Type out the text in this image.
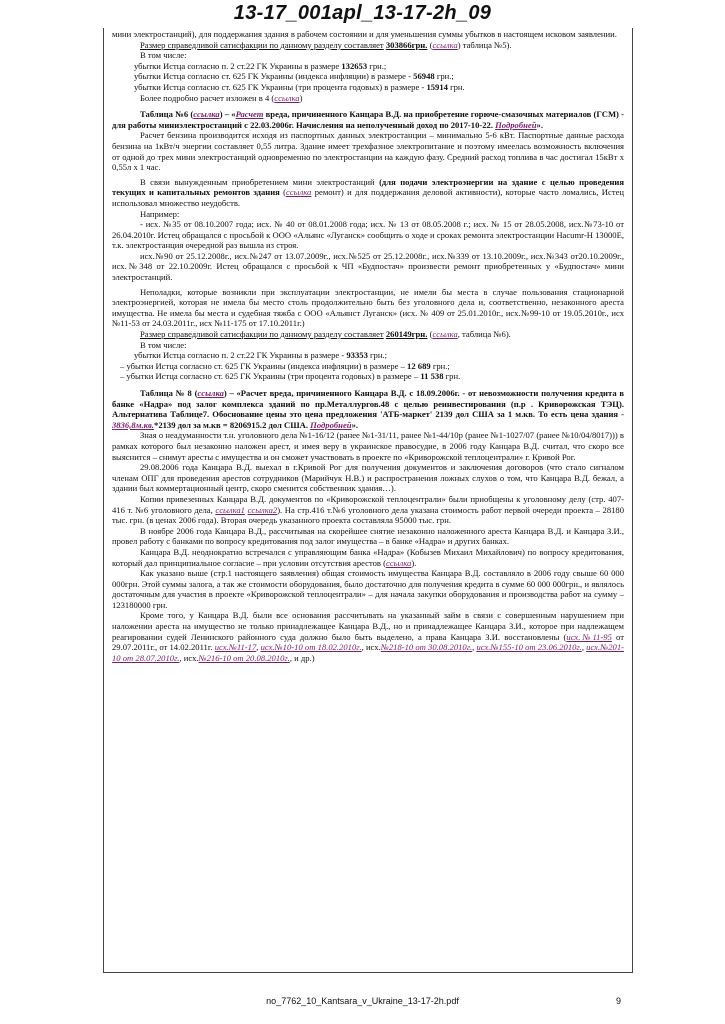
13-17_001apl_13-17-2h_09

мини электростанций), для поддержания здания в рабочем состоянии и для уменьшения суммы убытков в настоящем исковом заявлении.

Размер справедливой сатисфакции по данному разделу составляет 303866грн. (ссылка) таблица №5).

В том числе:

убытки Истца согласно п. 2 ст.22 ГК Украины в размере 132653 грн.;

убытки Истца согласно ст. 625 ГК Украины (индекса инфляции) в размере - 56948 грн.;

убытки Истца согласно ст. 625 ГК Украины (три процента годовых) в размере - 15914 грн.

Более подробно расчет изложен в 4 (ссылка)

Таблица №6 (ссылка) – «Расчет вреда, причиненного Канцара В.Д. на приобретение горюче-смазочных материалов (ГСМ) - для работы миниэлектростанций с 22.03.2006г. Начисления на неполученный доход по 2017-10-22. Подробней».

Расчет бензина производится исходя из паспортных данных электростанции – минимально 5-6 кВт. Паспортные данные расхода бензина на 1кВт/ч энергии составляет 0,55 литра. Здание имеет трехфазное электропитание и поэтому имеелась возможность включения от одной до трех мини электростанций одновременно по электростанции на каждую фазу. Средний расход топлива в час достигал 15кВт х 0,55л х 1 час.

В связи вынужденным приобретением мини электростанций (для подачи электроэнергии на здание с целью проведения текущих и капитальных ремонтов здания (ссылка ремонт) и для поддержания деловой активности), которые часто ломались, Истец использовал множество неудобств.

Например:

- исх. №35 от 08.10.2007 года; исх. № 40 от 08.01.2008 года; исх. № 13 от 08.05.2008 г.; исх. № 15 от 28.05.2008, исх.№73-10 от 26.04.2010г. Истец обращался с просьбой к ООО «Альянс «Луганск» сообщить о ходе и сроках ремонта электростанции Hacumr-H 13000E, т.к. электростанция очередной раз вышла из строя.

исх.№90 от 25.12.2008г., исх.№247 от 13.07.2009г., исх.№525 от 25.12.2008г., исх.№339 от 13.10.2009г., исх.№343 от20.10.2009г., исх.№348 от 22.10.2009г. Истец обращался с просьбой к ЧП «Будпостач» произвести ремонт приобретенных у «Будпостач» мини электростанций.

Неполадки, которые возникли при эксплуатации электростанции, не имели бы места в случае пользования стационарной электроэнергией, которая не имела бы место столь продолжительно быть без уголовного дела и, соответственно, незаконного ареста имущества. Не имела бы места и судебная тяжба с ООО «Альянст Луганск» (исх. № 409 от 25.01.2010г., исх.№99-10 от 19.05.2010г., исх №11-53 от 24.03.2011г., исх №11-175 от 17.10.2011г.)

Размер справедливой сатисфакции по данному разделу составляет 260149грн. (ссылка, таблица №6).

В том числе:

убытки Истца согласно п. 2 ст.22 ГК Украины в размере - 93353 грн.;

– убытки Истца согласно ст. 625 ГК Украины (индекса инфляции) в размере – 12 689 грн.;

– убытки Истца согласно ст. 625 ГК Украины (три процента годовых) в размере – 11 538 грн.

Таблица № 8 (ссылка) – «Расчет вреда, причиненного Канцара В.Д. с 18.09.2006г. - от невозможности получения кредита в банке «Надра» под залог комплекса зданий по пр.Металлургов.48 с целью реинвестирования (п.р . Криворожская ТЭЦ). Альтернатива Таблице7. Обоснование цены это цена предложения 'АТБ-маркет' 2139 дол США за 1 м.кв. То есть цена здания - 3836,8м.кв.*2139 дол за м.кв = 8206915.2 дол США. Подробней».

Зная о неадуманности т.н. уголовного дела №1-16/12 (ранее №1-31/11, ранее №1-44/10р (ранее №1-1027/07 (ранее №10/04/8017))) в рамках которого был незаконно наложен арест, и имея веру в украинское правосудие, в 2006 году Канцара В.Д. считал, что скоро все выяснится – снимут аресты с имущества и он сможет участвовать в проекте по «Криворожской теплоцентрали» г. Кривой Рог.

29.08.2006 года Канцара В.Д. выехал в г.Кривой Рог для получения документов и заключения договоров (что стало сигналом членам ОПГ для проведения арестов сотрудников (Марийчук Н.В.) и распространения ложных слухов о том, что Канцара В.Д. бежал, а здании был коммертационный центр, скоро сменится собственник здания…).

Копии привезенных Канцара В.Д. документов по «Криворожской теплоцентрали» были приобщены к уголовному делу (стр. 407-416 т. №6 уголовного дела, ссылка1 ссылка2). На стр.416 т.№6 уголовного дела указана стоимость работ первой очереди проекта – 28180 тыс. грн. (в ценах 2006 года). Вторая очередь указанного проекта составляла 95000 тыс. грн.

В ноябре 2006 года Канцара В.Д., рассчитывая на скорейшее снятие незаконно наложенного ареста Канцара В.Д. и Канцара З.И., провел работу с банками по вопросу кредитования под залог имущества – в банке «Надра» и других банках.

Канцара В.Д. неоднократно встречался с управляющим банка «Надра» (Кобызев Михаил Михайлович) по вопросу кредитования, который дал принципиальное согласие – при условии отсутствия арестов (ссылка).

Как указано выше (стр.1 настоящего заявления) общая стоимость имущества Канцара В.Д. составляло в 2006 году свыше 60 000 000грн. Этой суммы залога, а так же стоимости оборудования, было достаточно для получения кредита в сумме 60 000 000грн., и являлось достаточным для участия в проекте «Криворожской теплоцентрали» – для начала закупки оборудования и производства работ на сумму – 123180000 грн.

Кроме того, у Канцара В.Д. были все основания рассчитывать на указанный займ в связи с совершенным нарушением при наложении ареста на имущество не только принадлежащее Канцара В.Д., но и принадлежащее Канцара З.И., которое при надлежащем реагировании судей Ленинского районного суда должно было быть выделено, а права Канцара З.И. восстановлены (исх.№11-95 от 29.07.2011г., от 14.02.2011г. исх.№11-17, исх.№10-10 от 18.02.2010г., исх.№218-10 от 30.08.2010г., исх.№155-10 от 23.06.2010г., исх.№201-10 от 28.07.2010г., исх.№216-10 от 20.08.2010г., и др.)

no_7762_10_Kantsara_v_Ukraine_13-17-2h.pdf	9
